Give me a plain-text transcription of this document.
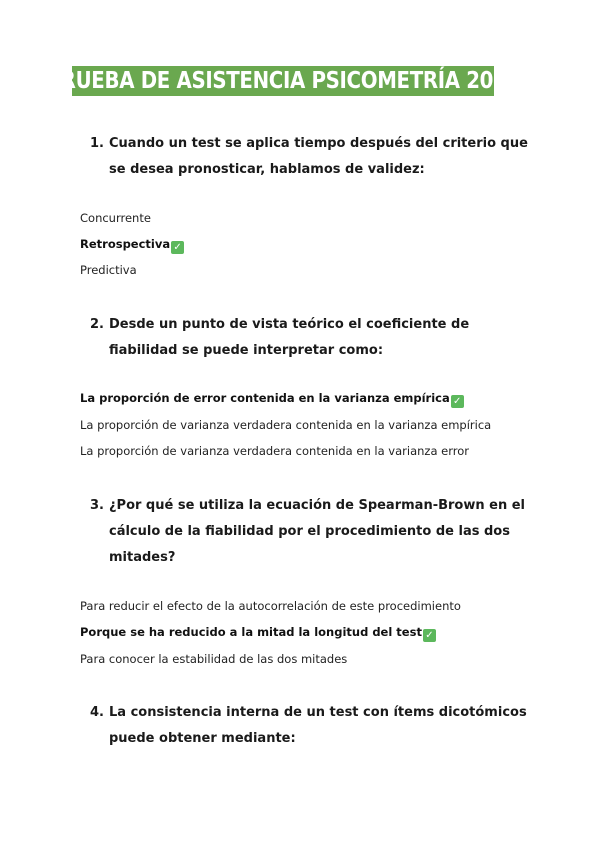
PRUEBA DE ASISTENCIA PSICOMETRÍA 2023
1. Cuando un test se aplica tiempo después del criterio que se desea pronosticar, hablamos de validez:
Concurrente
Retrospectiva ✓
Predictiva
2. Desde un punto de vista teórico el coeficiente de fiabilidad se puede interpretar como:
La proporción de error contenida en la varianza empírica ✓
La proporción de varianza verdadera contenida en la varianza empírica
La proporción de varianza verdadera contenida en la varianza error
3. ¿Por qué se utiliza la ecuación de Spearman-Brown en el cálculo de la fiabilidad por el procedimiento de las dos mitades?
Para reducir el efecto de la autocorrelación de este procedimiento
Porque se ha reducido a la mitad la longitud del test ✓
Para conocer la estabilidad de las dos mitades
4. La consistencia interna de un test con ítems dicotómicos puede obtener mediante:
